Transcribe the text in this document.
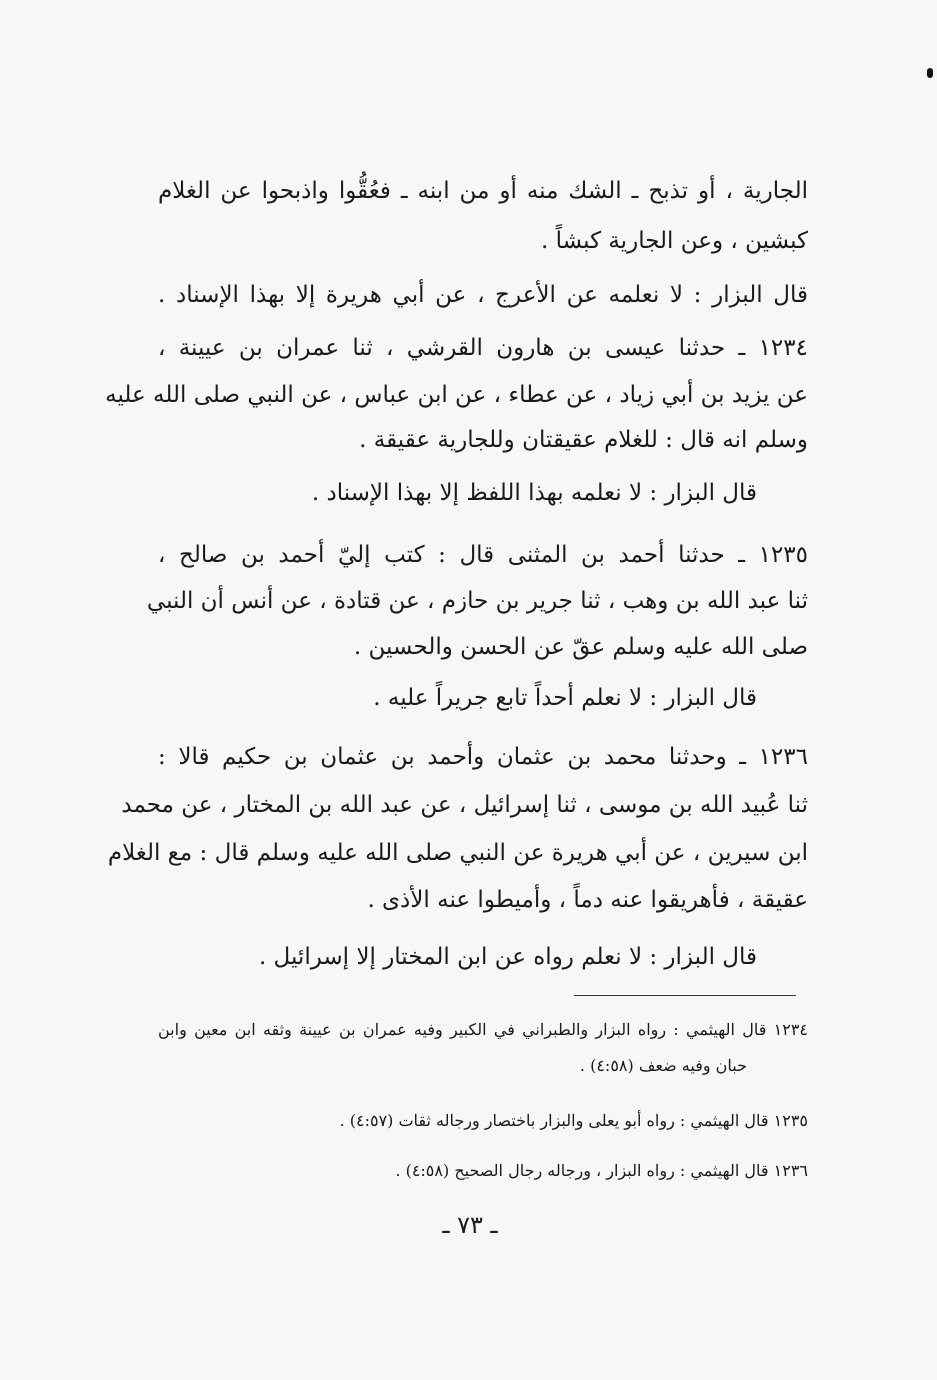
الجارية ، أو تذبح ـ الشك منه أو من ابنه ـ فعُقُّوا واذبحوا عن الغلام
كبشين ، وعن الجارية كبشاً .
قال البزار : لا نعلمه عن الأعرج ، عن أبي هريرة إلا بهذا الإسناد .
١٢٣٤ ـ حدثنا عيسى بن هارون القرشي ، ثنا عمران بن عيينة ،
عن يزيد بن أبي زياد ، عن عطاء ، عن ابن عباس ، عن النبي صلى الله عليه
وسلم انه قال : للغلام عقيقتان وللجارية عقيقة .
قال البزار : لا نعلمه بهذا اللفظ إلا بهذا الإسناد .
١٢٣٥ ـ حدثنا أحمد بن المثنى قال : كتب إليّ أحمد بن صالح ،
ثنا عبد الله بن وهب ، ثنا جرير بن حازم ، عن قتادة ، عن أنس أن النبي
صلى الله عليه وسلم عقّ عن الحسن والحسين .
قال البزار : لا نعلم أحداً تابع جريراً عليه .
١٢٣٦ ـ وحدثنا محمد بن عثمان وأحمد بن عثمان بن حكيم قالا :
ثنا عُبيد الله بن موسى ، ثنا إسرائيل ، عن عبد الله بن المختار ، عن محمد
ابن سيرين ، عن أبي هريرة عن النبي صلى الله عليه وسلم قال : مع الغلام
عقيقة ، فأهريقوا عنه دماً ، وأميطوا عنه الأذى .
قال البزار : لا نعلم رواه عن ابن المختار إلا إسرائيل .
١٢٣٤ قال الهيثمي : رواه البزار والطبراني في الكبير وفيه عمران بن عيينة وثقه ابن معين وابن
حبان وفيه ضعف (٤:٥٨) .
١٢٣٥ قال الهيثمي : رواه أبو يعلى والبزار باختصار ورجاله ثقات (٤:٥٧) .
١٢٣٦ قال الهيثمي : رواه البزار ، ورجاله رجال الصحيح (٤:٥٨) .
ـ ٧٣ ـ
